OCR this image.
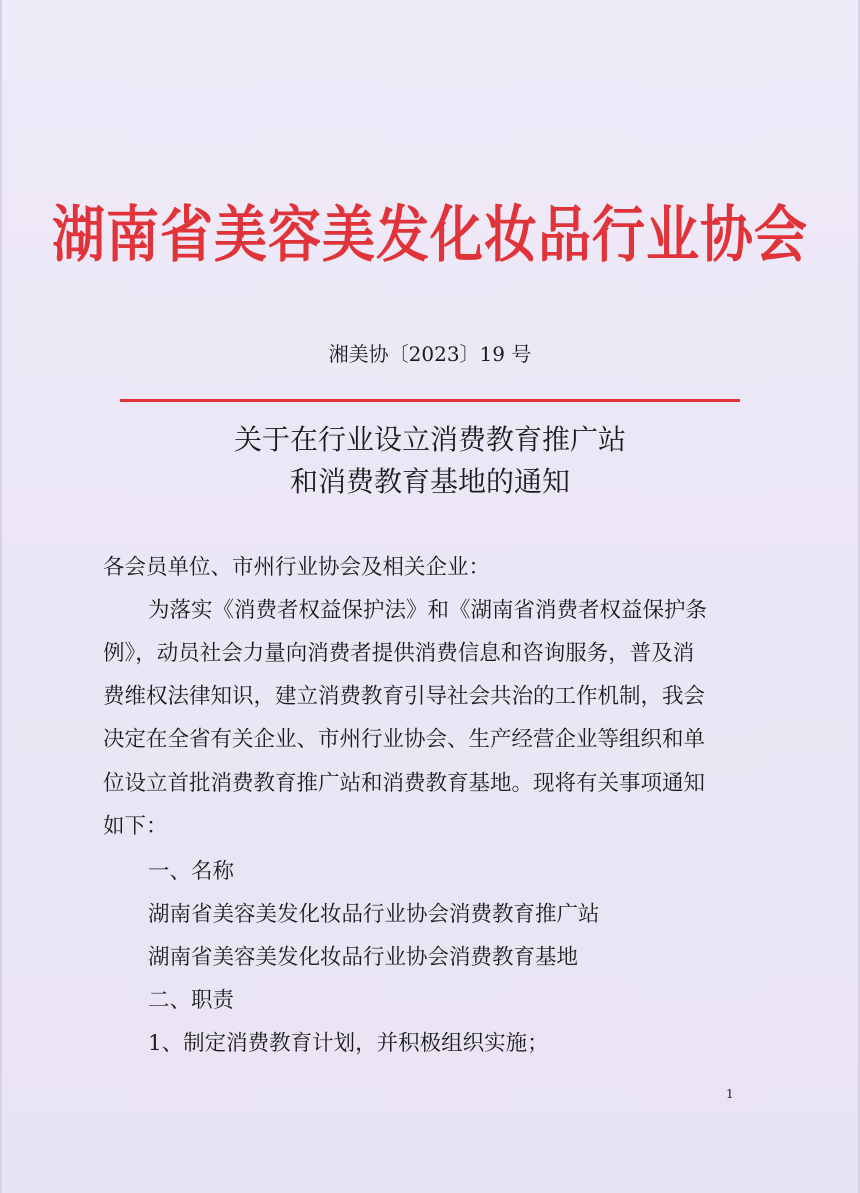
湖南省美容美发化妆品行业协会
湘美协〔2023〕19 号
关于在行业设立消费教育推广站
和消费教育基地的通知
各会员单位、市州行业协会及相关企业：
为落实《消费者权益保护法》和《湖南省消费者权益保护条
例》，动员社会力量向消费者提供消费信息和咨询服务，普及消
费维权法律知识，建立消费教育引导社会共治的工作机制，我会
决定在全省有关企业、市州行业协会、生产经营企业等组织和单
位设立首批消费教育推广站和消费教育基地。现将有关事项通知
如下：
一、名称
湖南省美容美发化妆品行业协会消费教育推广站
湖南省美容美发化妆品行业协会消费教育基地
二、职责
1、制定消费教育计划，并积极组织实施；
1
